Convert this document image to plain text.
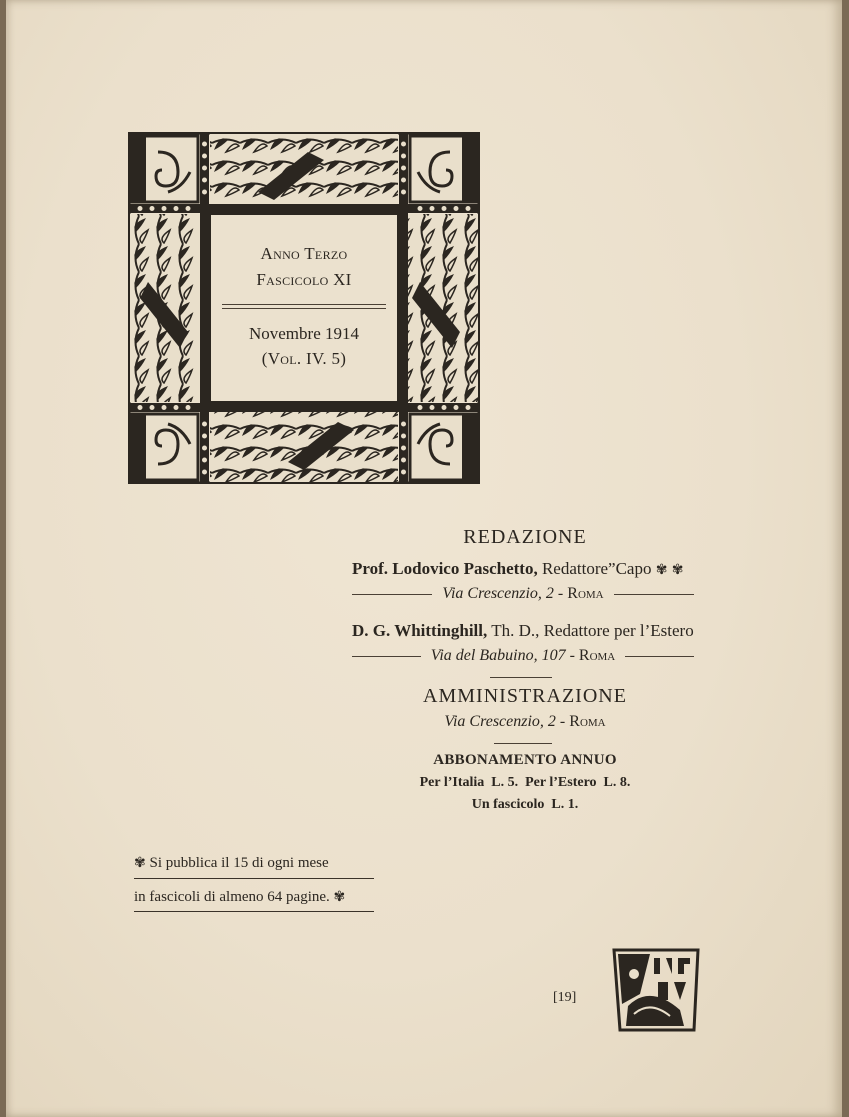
Anno Terzo
Fascicolo XI
Novembre 1914
(Vol. IV. 5)
REDAZIONE
Prof. Lodovico Paschetto, Redattore”Capo ✾ ✾
Via Crescenzio, 2 - Roma
D. G. Whittinghill, Th. D., Redattore per l’Estero
Via del Babuino, 107 - Roma
AMMINISTRAZIONE
Via Crescenzio, 2 - Roma
ABBONAMENTO ANNUO
Per l’Italia  L. 5.  Per l’Estero  L. 8.
Un fascicolo  L. 1.
✾ Si pubblica il 15 di ogni mese
in fascicoli di almeno 64 pagine. ✾
[19]
